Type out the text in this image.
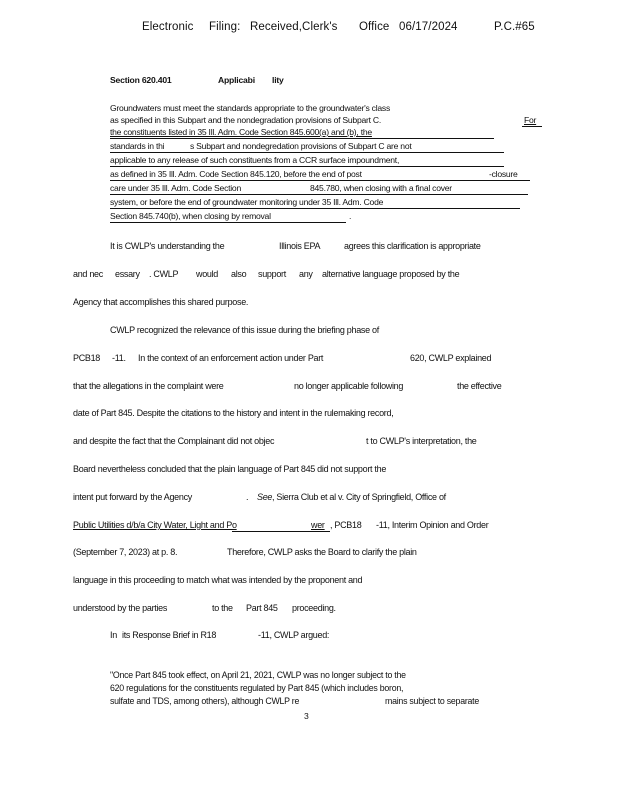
Electronic Filing: Received,Clerk's Office 06/17/2024	P.C.#65
Section 620.401	Applicabi lity
Groundwaters must meet the standards appropriate to the groundwater's class
as specified in this Subpart and the nondegradation provisions of Subpart C.	For
the constituents listed in 35 Ill. Adm. Code Section 845.600(a) and (b), the
standards in thi	s Subpart and nondegredation provisions of Subpart C are not
applicable to any release of such constituents from a CCR surface impoundment,
as defined in 35 Ill. Adm. Code Section 845.120, before the end of post	-closure
care under 35 Ill. Adm. Code Section	845.780, when closing with a final cover
system, or before the end of groundwater monitoring under 35 Ill. Adm. Code
Section 845.740(b), when closing by removal	.
It is CWLP's understanding the	Illinois EPA	agrees this clarification is appropriate
and nec essary . CWLP would also support any alternative language proposed by the
Agency that accomplishes this shared purpose.
CWLP recognized the relevance of this issue during the briefing phase of
PCB18 -11. In the context of an enforcement action under Part	620, CWLP explained
that the allegations in the complaint were	no longer applicable following	the effective
date of Part 845. Despite the citations to the history and intent in the rulemaking record,
and despite the fact that the Complainant did not objec	t to CWLP's interpretation, the
Board nevertheless concluded that the plain language of Part 845 did not support the
intent put forward by the Agency	. See , Sierra Club et al v. City of Springfield, Office of
Public Utilities d/b/a City Water, Light and Po	wer , PCB18 -11, Interim Opinion and Order
(September 7, 2023) at p. 8.	Therefore, CWLP asks the Board to clarify the plain
language in this proceeding to match what was intended by the proponent and
understood by the parties	to the Part 845 proceeding.
In its Response Brief in R18	-11, CWLP argued:
"Once Part 845 took effect, on April 21, 2021, CWLP was no longer subject to the
620 regulations for the constituents regulated by Part 845 (which includes boron,
sulfate and TDS, among others), although CWLP re	mains subject to separate
3
